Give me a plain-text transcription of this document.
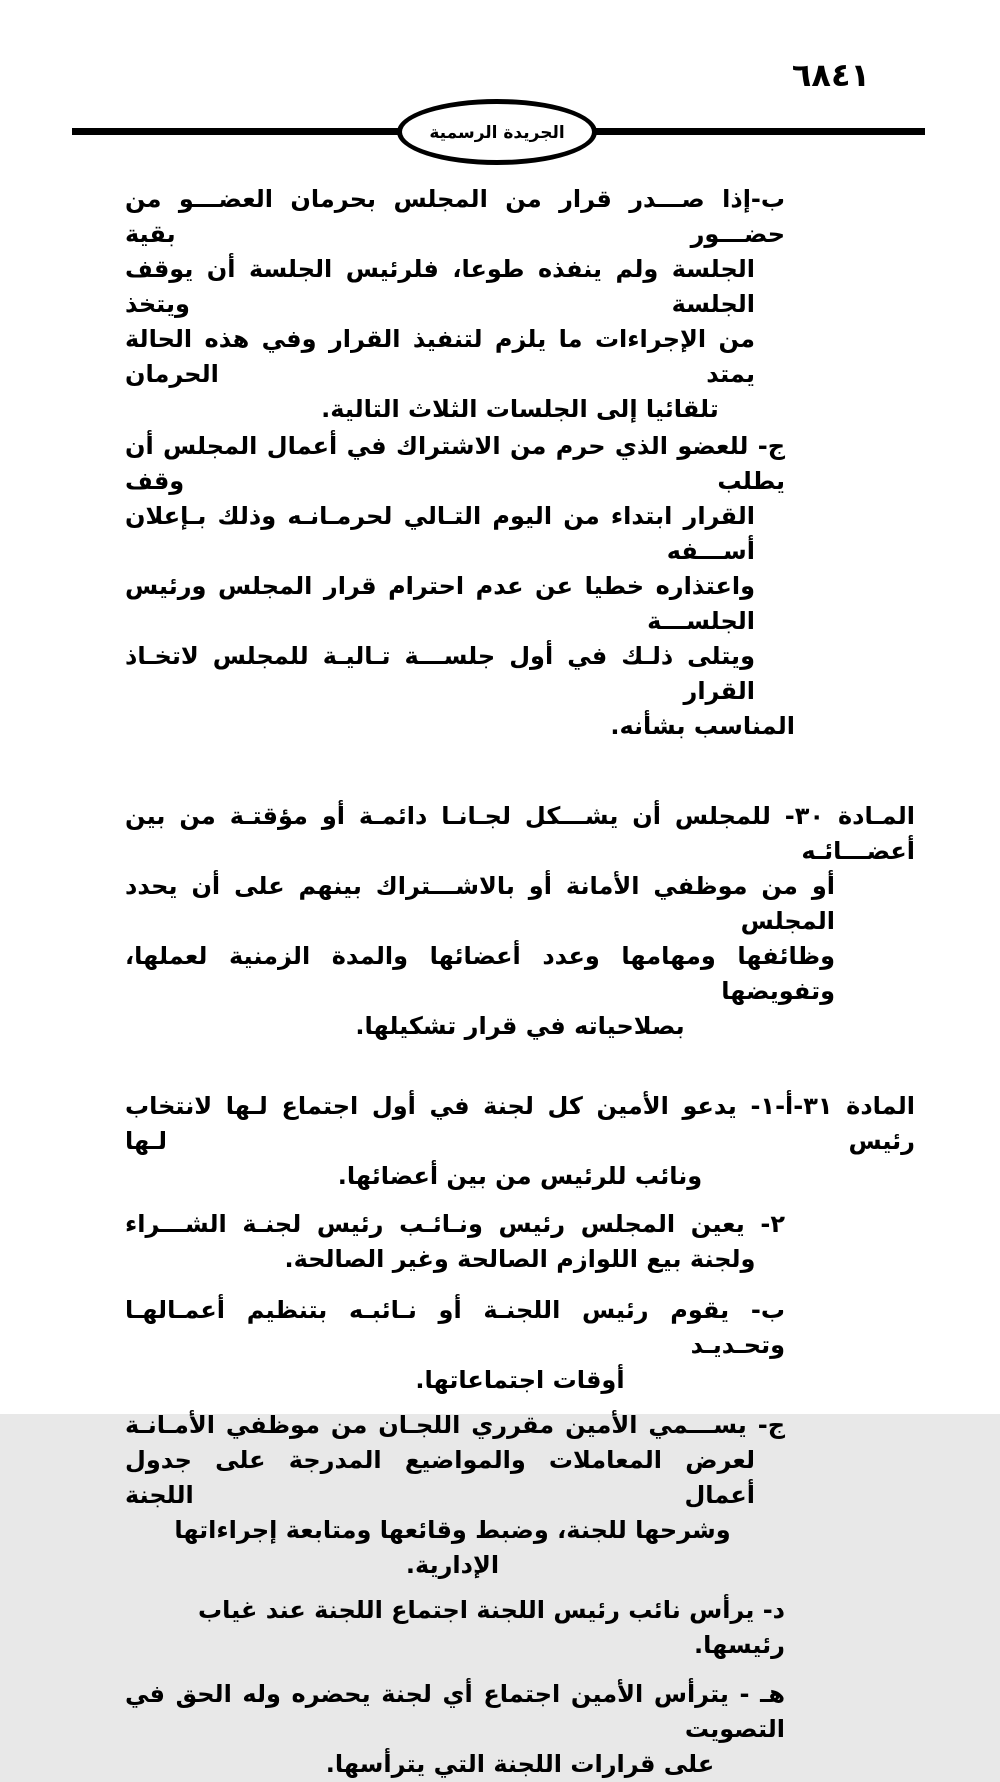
٦٨٤١
الجريدة الرسمية
ب-إذا صـــدر قرار من المجلس بحرمان العضـــو من حضـــور بقية
الجلسة ولم ينفذه طوعا، فلرئيس الجلسة أن يوقف الجلسة ويتخذ
من الإجراءات ما يلزم لتنفيذ القرار وفي هذه الحالة يمتد الحرمان
تلقائيا إلى الجلسات الثلاث التالية.
ج- للعضو الذي حرم من الاشتراك في أعمال المجلس أن يطلب وقف
القرار ابتداء من اليوم التـالي لحرمـانـه وذلك بـإعلان أســـفه
واعتذاره خطيا عن عدم احترام قرار المجلس ورئيس الجلســـة
ويتلى ذلـك في أول جلســـة تـاليـة للمجلس لاتخـاذ القرار
المناسب بشأنه.
المـادة ٣٠- للمجلس أن يشـــكل لجـانـا دائمـة أو مؤقتـة من بين أعضـــائـه
أو من موظفي الأمانة أو بالاشـــتراك بينهم على أن يحدد المجلس
وظائفها ومهامها وعدد أعضائها والمدة الزمنية لعملها، وتفويضها
بصلاحياته في قرار تشكيلها.
المادة ٣١-أ-١- يدعو الأمين كل لجنة في أول اجتماع لـها لانتخاب رئيس لـها
ونائب للرئيس من بين أعضائها.
٢- يعين المجلس رئيس ونـائـب رئيس لجنـة الشـــراء
ولجنة بيع اللوازم الصالحة وغير الصالحة.
ب- يقوم رئيس اللجنـة أو نـائبـه بتنظيم أعمـالهـا وتحـديـد
أوقات اجتماعاتها.
ج- يســـمي الأمين مقرري اللجـان من موظفي الأمـانـة
لعرض المعاملات والمواضيع المدرجة على جدول أعمال اللجنة
وشرحها للجنة، وضبط وقائعها ومتابعة إجراءاتها الإدارية.
د- يرأس نائب رئيس اللجنة اجتماع اللجنة عند غياب رئيسها.
هـ - يترأس الأمين اجتماع أي لجنة يحضره وله الحق في التصويت
على قرارات اللجنة التي يترأسها.
